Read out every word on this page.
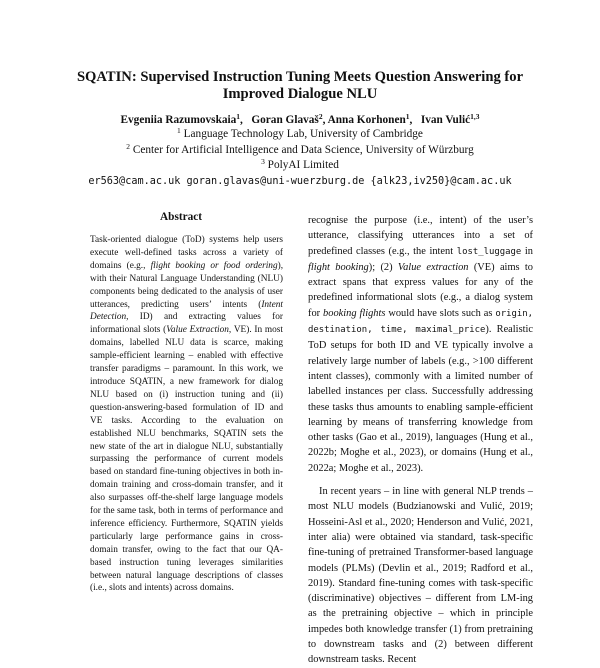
SQATIN: Supervised Instruction Tuning Meets Question Answering for Improved Dialogue NLU
Evgeniia Razumovskaia$^1$,   Goran Glavaš$^2$, Anna Korhonen$^1$,   Ivan Vulić$^{1,3}$
$^1$ Language Technology Lab, University of Cambridge
$^2$ Center for Artificial Intelligence and Data Science, University of Würzburg
$^3$ PolyAI Limited
er563@cam.ac.uk goran.glavas@uni-wuerzburg.de {alk23,iv250}@cam.ac.uk
Abstract
Task-oriented dialogue (ToD) systems help users execute well-defined tasks across a variety of domains (e.g., flight booking or food ordering), with their Natural Language Understanding (NLU) components being dedicated to the analysis of user utterances, predicting users’ intents (Intent Detection, ID) and extracting values for informational slots (Value Extraction, VE). In most domains, labelled NLU data is scarce, making sample-efficient learning – enabled with effective transfer paradigms – paramount. In this work, we introduce SQATIN, a new framework for dialog NLU based on (i) instruction tuning and (ii) question-answering-based formulation of ID and VE tasks. According to the evaluation on established NLU benchmarks, SQATIN sets the new state of the art in dialogue NLU, substantially surpassing the performance of current models based on standard fine-tuning objectives in both in-domain training and cross-domain transfer, and it also surpasses off-the-shelf large language models for the same task, both in terms of performance and inference efficiency. Furthermore, SQATIN yields particularly large performance gains in cross-domain transfer, owing to the fact that our QA-based instruction tuning leverages similarities between natural language descriptions of classes (i.e., slots and intents) across domains.

recognise the purpose (i.e., intent) of the user’s utterance, classifying utterances into a set of predefined classes (e.g., the intent lost_luggage in flight booking); (2) Value extraction (VE) aims to extract spans that express values for any of the predefined informational slots (e.g., a dialog system for booking flights would have slots such as origin, destination, time, maximal_price). Realistic ToD setups for both ID and VE typically involve a relatively large number of labels (e.g., >100 different intent classes), commonly with a limited number of labelled instances per class. Successfully addressing these tasks thus amounts to enabling sample-efficient learning by means of transferring knowledge from other tasks (Gao et al., 2019), languages (Hung et al., 2022b; Moghe et al., 2023), or domains (Hung et al., 2022a; Moghe et al., 2023).

In recent years – in line with general NLP trends – most NLU models (Budzianowski and Vulić, 2019; Hosseini-Asl et al., 2020; Henderson and Vulić, 2021, inter alia) were obtained via standard, task-specific fine-tuning of pretrained Transformer-based language models (PLMs) (Devlin et al., 2019; Radford et al., 2019). Standard fine-tuning comes with task-specific (discriminative) objectives – different from LM-ing as the pretraining objective – which in principle impedes both knowledge transfer (1) from pretraining to downstream tasks and (2) between different downstream tasks. Recent
